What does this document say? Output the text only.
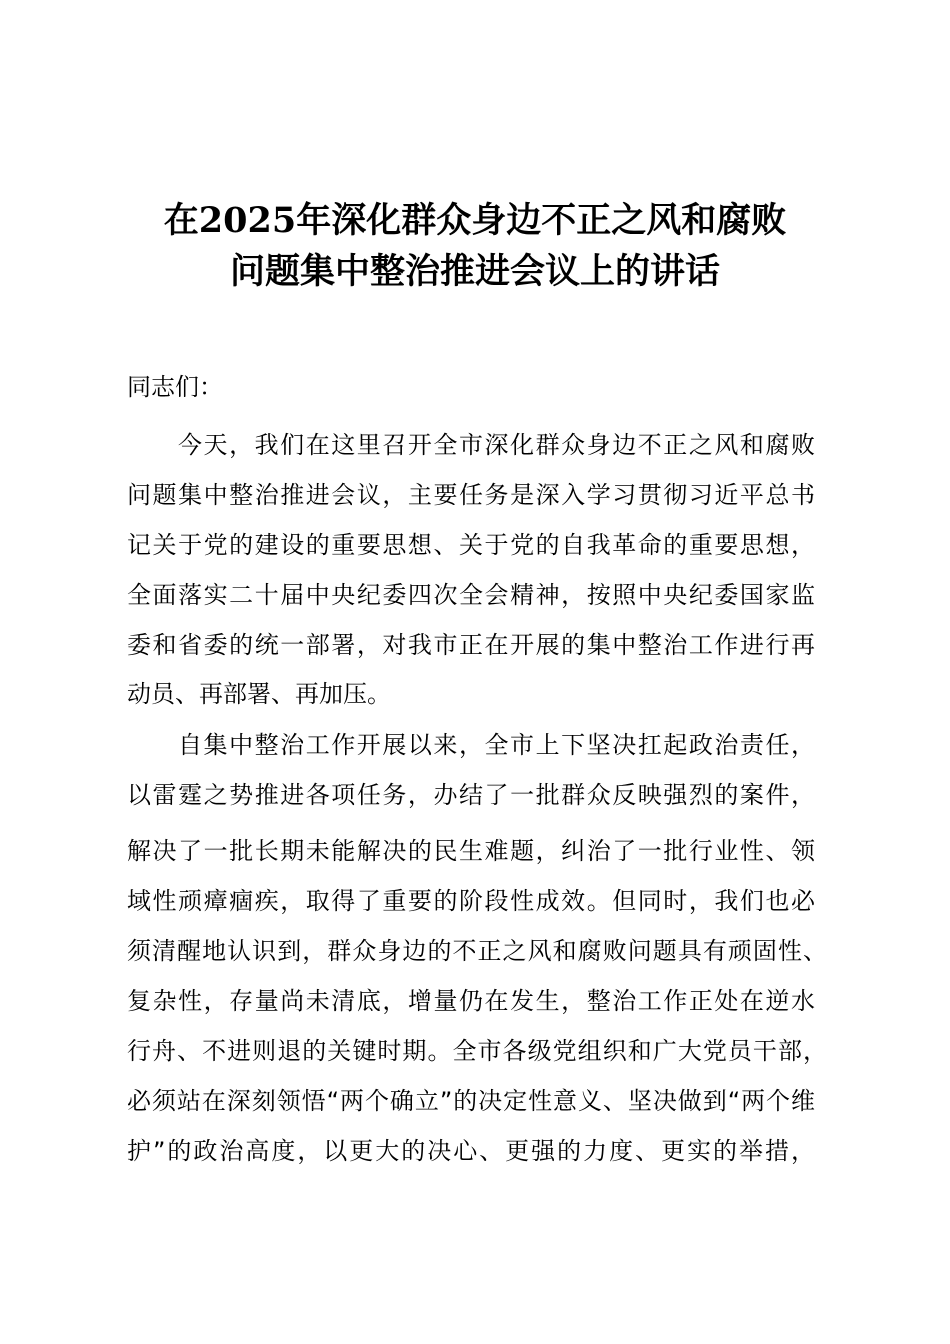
在2025年深化群众身边不正之风和腐败
问题集中整治推进会议上的讲话
同志们：
今天，我们在这里召开全市深化群众身边不正之风和腐败
问题集中整治推进会议，主要任务是深入学习贯彻习近平总书
记关于党的建设的重要思想、关于党的自我革命的重要思想，
全面落实二十届中央纪委四次全会精神，按照中央纪委国家监
委和省委的统一部署，对我市正在开展的集中整治工作进行再
动员、再部署、再加压。
自集中整治工作开展以来，全市上下坚决扛起政治责任，
以雷霆之势推进各项任务，办结了一批群众反映强烈的案件，
解决了一批长期未能解决的民生难题，纠治了一批行业性、领
域性顽瘴痼疾，取得了重要的阶段性成效。但同时，我们也必
须清醒地认识到，群众身边的不正之风和腐败问题具有顽固性、
复杂性，存量尚未清底，增量仍在发生，整治工作正处在逆水
行舟、不进则退的关键时期。全市各级党组织和广大党员干部，
必须站在深刻领悟“两个确立”的决定性意义、坚决做到“两个维
护”的政治高度，以更大的决心、更强的力度、更实的举措，
